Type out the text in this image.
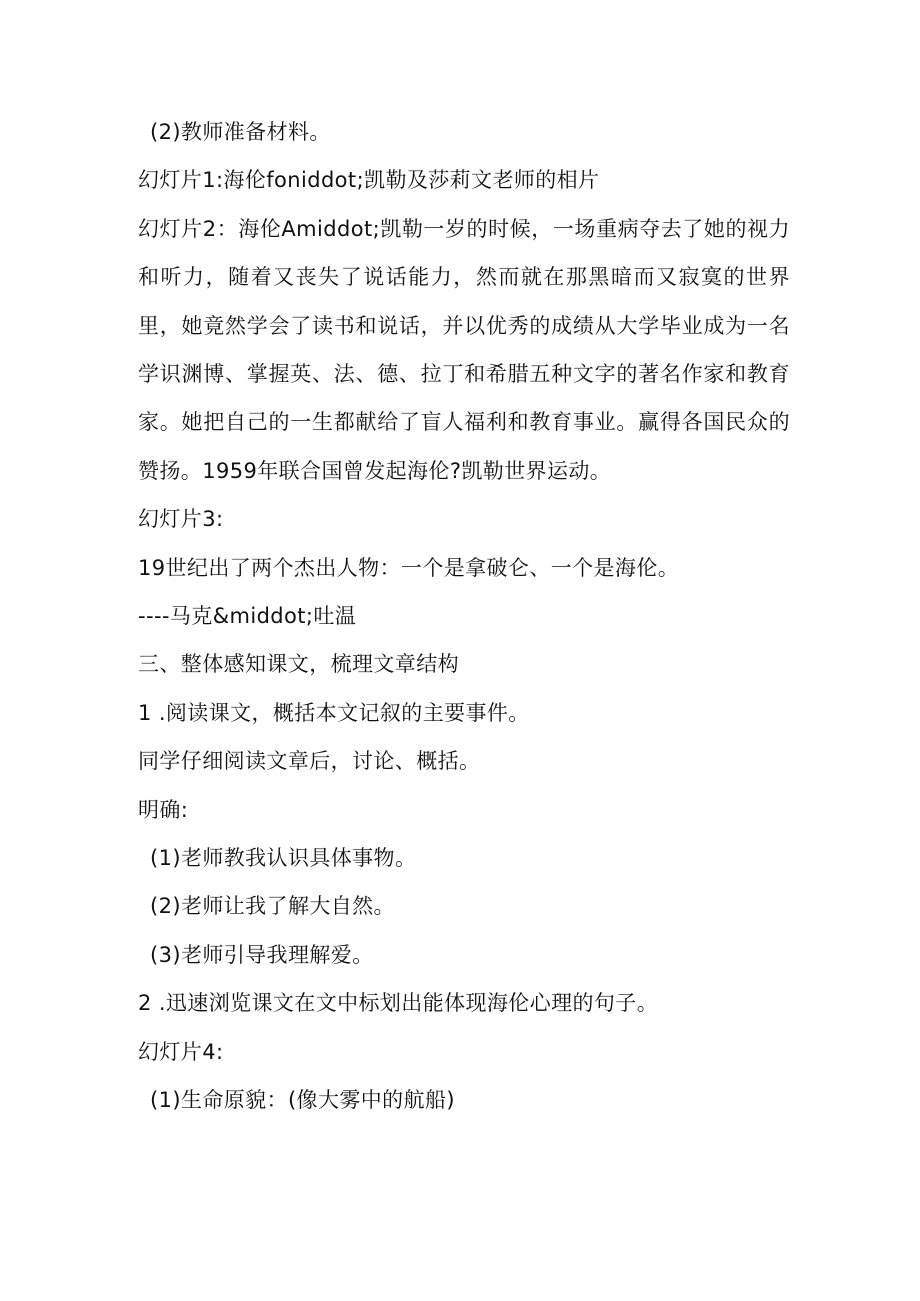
(2)教师准备材料。
幻灯片1:海伦foniddot;凯勒及莎莉文老师的相片

幻灯片2：海伦Amiddot;凯勒一岁的时候，一场重病夺去了她的视力和听力，随着又丧失了说话能力，然而就在那黑暗而又寂寞的世界里，她竟然学会了读书和说话，并以优秀的成绩从大学毕业成为一名学识渊博、掌握英、法、德、拉丁和希腊五种文字的著名作家和教育家。她把自己的一生都献给了盲人福利和教育事业。赢得各国民众的赞扬。1959年联合国曾发起海伦?凯勒世界运动。

幻灯片3:
19世纪出了两个杰出人物：一个是拿破仑、一个是海伦。
----马克&middot;吐温
三、整体感知课文，梳理文章结构
1 .阅读课文，概括本文记叙的主要事件。
同学仔细阅读文章后，讨论、概括。
明确:
(1)老师教我认识具体事物。
(2)老师让我了解大自然。
(3)老师引导我理解爱。
2 .迅速浏览课文在文中标划出能体现海伦心理的句子。
幻灯片4:
(1)生命原貌：(像大雾中的航船)
